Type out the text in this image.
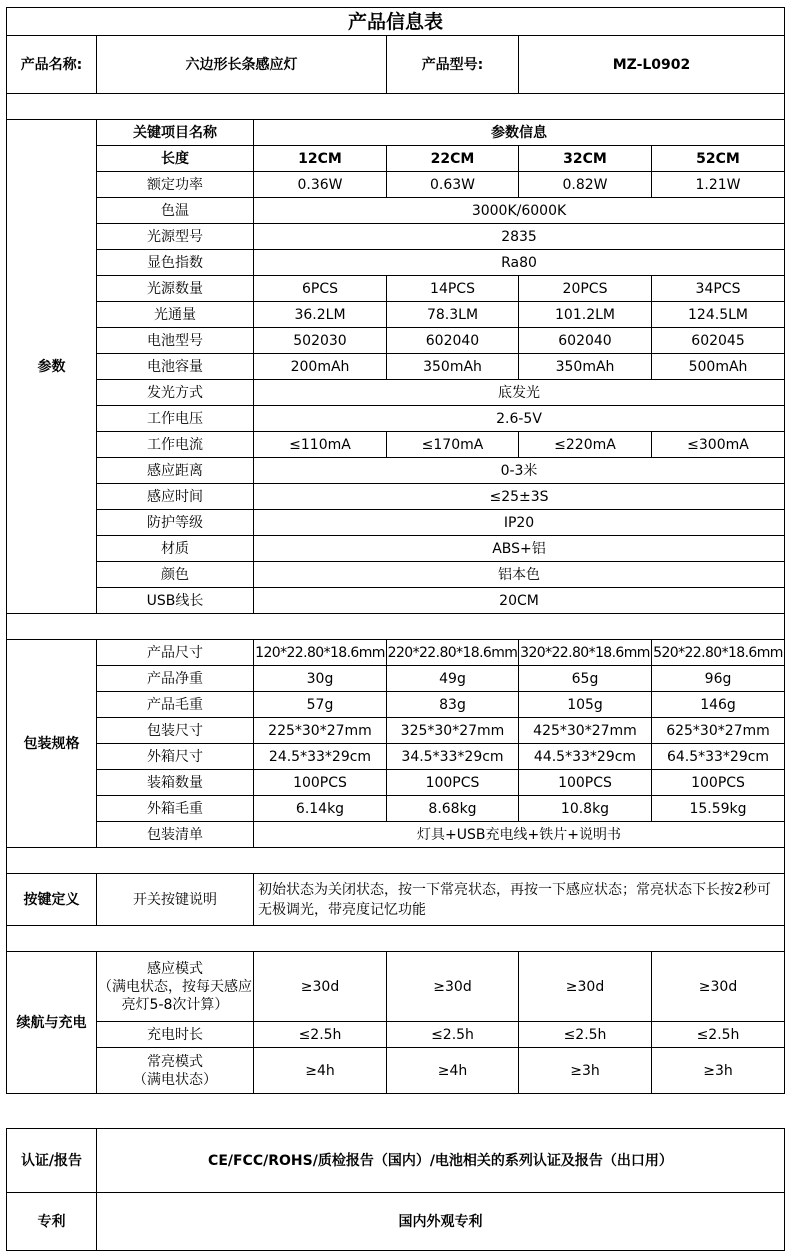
产品信息表					
产品名称:	六边形长条感应灯		产品型号:	MZ-L0902	

参数	关键项目名称	参数信息			
	长度	12CM	22CM	32CM	52CM
	额定功率	0.36W	0.63W	0.82W	1.21W
	色温	3000K/6000K			
	光源型号	2835			
	显色指数	Ra80			
	光源数量	6PCS	14PCS	20PCS	34PCS
	光通量	36.2LM	78.3LM	101.2LM	124.5LM
	电池型号	502030	602040	602040	602045
	电池容量	200mAh	350mAh	350mAh	500mAh
	发光方式	底发光			
	工作电压	2.6-5V			
	工作电流	≤110mA	≤170mA	≤220mA	≤300mA
	感应距离	0-3米			
	感应时间	≤25±3S			
	防护等级	IP20			
	材质	ABS+铝			
	颜色	铝本色			
	USB线长	20CM			

包装规格	产品尺寸	120*22.80*18.6mm	220*22.80*18.6mm	320*22.80*18.6mm	520*22.80*18.6mm
	产品净重	30g	49g	65g	96g
	产品毛重	57g	83g	105g	146g
	包装尺寸	225*30*27mm	325*30*27mm	425*30*27mm	625*30*27mm
	外箱尺寸	24.5*33*29cm	34.5*33*29cm	44.5*33*29cm	64.5*33*29cm
	装箱数量	100PCS	100PCS	100PCS	100PCS
	外箱毛重	6.14kg	8.68kg	10.8kg	15.59kg
	包装清单	灯具+USB充电线+铁片+说明书			

按键定义	开关按键说明	初始状态为关闭状态，按一下常亮状态，再按一下感应状态；常亮状态下长按2秒可无极调光，带亮度记忆功能			

续航与充电	感应模式
（满电状态，按每天感应亮灯5-8次计算）	≥30d	≥30d	≥30d	≥30d
	充电时长	≤2.5h	≤2.5h	≤2.5h	≤2.5h
	常亮模式
（满电状态）	≥4h	≥4h	≥3h	≥3h
认证/报告	CE/FCC/ROHS/质检报告（国内）/电池相关的系列认证及报告（出口用）
专利	国内外观专利
